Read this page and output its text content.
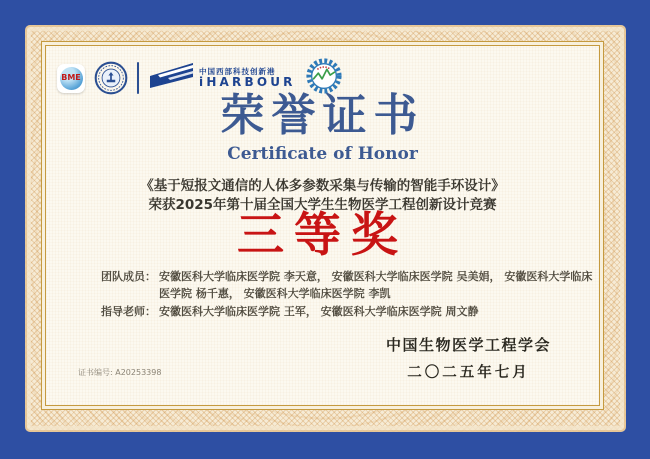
BME
中国西部科技创新港
iHARBOUR
荣誉证书
Certificate of Honor
《基于短报文通信的人体多参数采集与传输的智能手环设计》
荣获2025年第十届全国大学生生物医学工程创新设计竞赛
三等奖
团队成员： 安徽医科大学临床医学院 李天意， 安徽医科大学临床医学院 吴美娟， 安徽医科大学临床医学院 杨千惠， 安徽医科大学临床医学院 李凯
指导老师： 安徽医科大学临床医学院 王军， 安徽医科大学临床医学院 周文静
中国生物医学工程学会
二〇二五年七月
证书编号: A20253398
